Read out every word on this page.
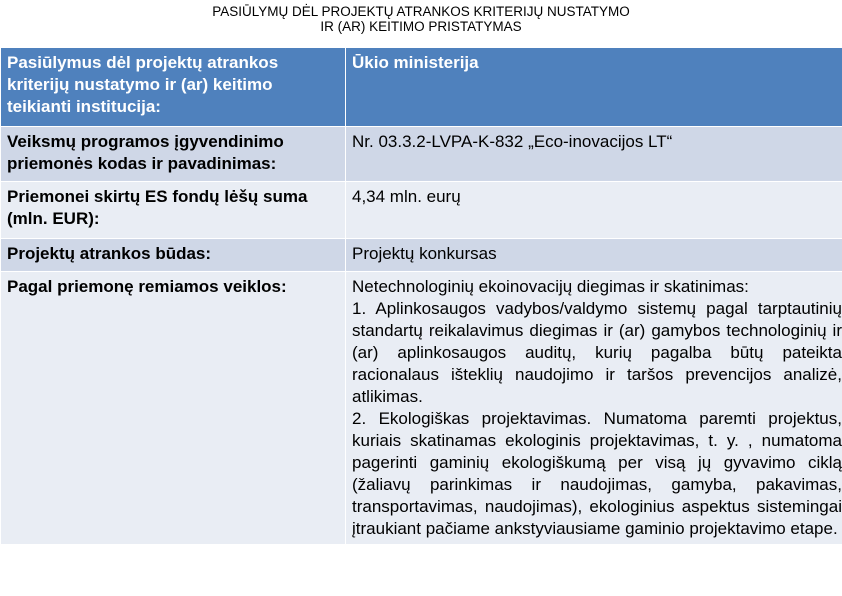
PASIŪLYMŲ DĖL PROJEKTŲ ATRANKOS KRITERIJŲ NUSTATYMO
IR (AR) KEITIMO PRISTATYMAS
Pasiūlymus dėl projektų atrankos kriterijų nustatymo ir (ar) keitimo teikianti institucija:	Ūkio ministerija
Veiksmų programos įgyvendinimo priemonės kodas ir pavadinimas:	Nr. 03.3.2-LVPA-K-832 „Eco-inovacijos LT“
Priemonei skirtų ES fondų lėšų suma (mln. EUR):	4,34 mln. eurų
Projektų atrankos būdas:	Projektų konkursas
Pagal priemonę remiamos veiklos:	Netechnologinių ekoinovacijų diegimas ir skatinimas:

1. Aplinkosaugos vadybos/valdymo sistemų pagal tarptautinių standartų reikalavimus diegimas ir (ar) gamybos technologinių ir (ar) aplinkosaugos auditų, kurių pagalba būtų pateikta racionalaus išteklių naudojimo ir taršos prevencijos analizė, atlikimas.

2. Ekologiškas projektavimas. Numatoma paremti projektus, kuriais skatinamas ekologinis projektavimas, t. y. , numatoma pagerinti gaminių ekologiškumą per visą jų gyvavimo ciklą (žaliavų parinkimas ir naudojimas, gamyba, pakavimas, transportavimas, naudojimas), ekologinius aspektus sistemingai įtraukiant pačiame ankstyviausiame gaminio projektavimo etape.
